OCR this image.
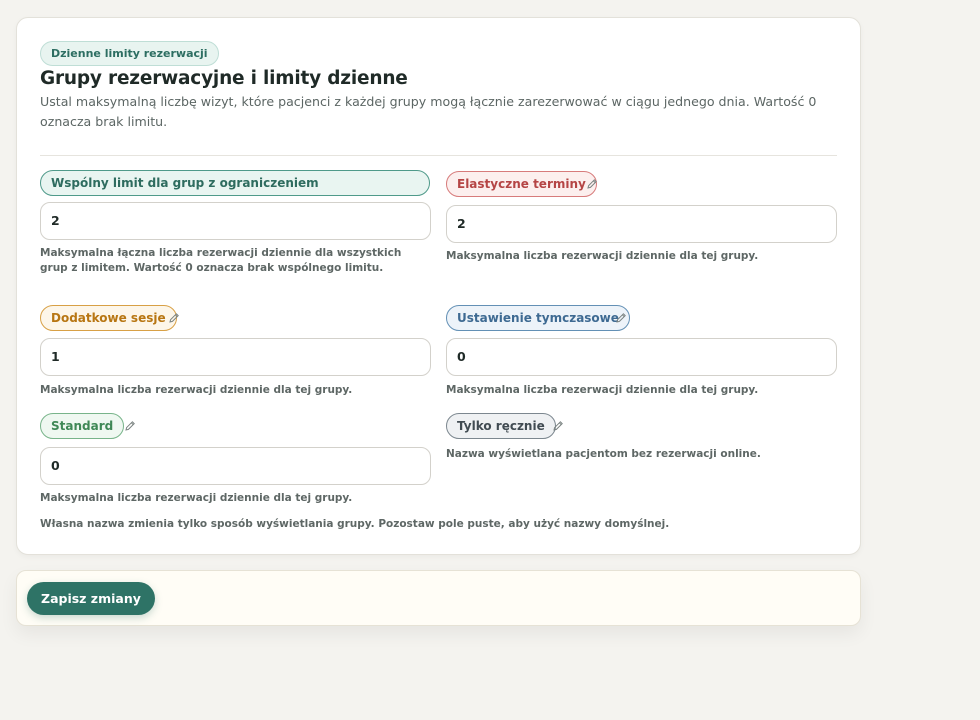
Dzienne limity rezerwacji
Grupy rezerwacyjne i limity dzienne
Ustal maksymalną liczbę wizyt, które pacjenci z każdej grupy mogą łącznie zarezerwować w ciągu jednego dnia. Wartość 0 oznacza brak limitu.
Wspólny limit dla grup z ograniczeniem
2
Maksymalna łączna liczba rezerwacji dziennie dla wszystkich grup z limitem. Wartość 0 oznacza brak wspólnego limitu.
Elastyczne terminy
2
Maksymalna liczba rezerwacji dziennie dla tej grupy.
Dodatkowe sesje
1
Maksymalna liczba rezerwacji dziennie dla tej grupy.
Ustawienie tymczasowe
0
Maksymalna liczba rezerwacji dziennie dla tej grupy.
Standard
0
Maksymalna liczba rezerwacji dziennie dla tej grupy.
Tylko ręcznie
Nazwa wyświetlana pacjentom bez rezerwacji online.
Własna nazwa zmienia tylko sposób wyświetlania grupy. Pozostaw pole puste, aby użyć nazwy domyślnej.
Zapisz zmiany
